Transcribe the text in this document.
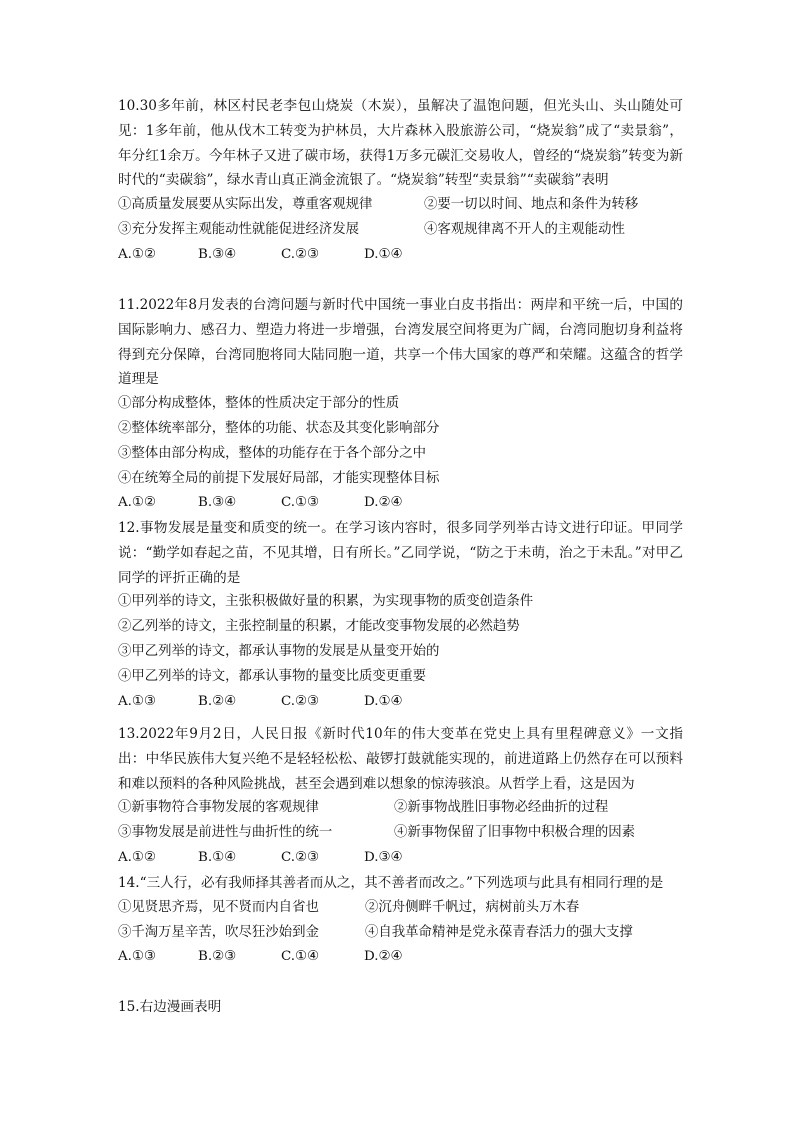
10.30多年前，林区村民老李包山烧炭（木炭），虽解决了温饱问题，但光头山、头山随处可见：1多年前，他从伐木工转变为护林员，大片森林入股旅游公司，“烧炭翁”成了“卖景翁”，年分红1余万。今年林子又进了碳市场，获得1万多元碳汇交易收人，曾经的“烧炭翁”转变为新时代的“卖碳翁”，绿水青山真正淌金流银了。“烧炭翁”转型“卖景翁”“卖碳翁”表明

①高质量发展要从实际出发，尊重客观规律	②要一切以时间、地点和条件为转移
③充分发挥主观能动性就能促进经济发展	④客观规律离不开人的主观能动性
A.①②	B.③④	C.②③	D.①④

11.2022年8月发表的台湾问题与新时代中国统一事业白皮书指出：两岸和平统一后，中国的国际影响力、感召力、塑造力将进一步增强，台湾发展空间将更为广阔，台湾同胞切身利益将得到充分保障，台湾同胞将同大陆同胞一道，共享一个伟大国家的尊严和荣耀。这蕴含的哲学道理是

①部分构成整体，整体的性质决定于部分的性质
②整体统率部分，整体的功能、状态及其变化影响部分
③整体由部分构成，整体的功能存在于各个部分之中
④在统筹全局的前提下发展好局部，才能实现整体目标
A.①②	B.③④	C.①③	D.②④

12.事物发展是量变和质变的统一。在学习该内容时，很多同学列举古诗文进行印证。甲同学说：“勤学如春起之苗，不见其增，日有所长。”乙同学说，“防之于未萌，治之于未乱。”对甲乙同学的评折正确的是

①甲列举的诗文，主张积极做好量的积累，为实现事物的质变创造条件
②乙列举的诗文，主张控制量的积累，才能改变事物发展的必然趋势
③甲乙列举的诗文，都承认事物的发展是从量变开始的
④甲乙列举的诗文，都承认事物的量变比质变更重要
A.①③	B.②④	C.②③	D.①④

13.2022年9月2日，人民日报《新时代10年的伟大变革在党史上具有里程碑意义》一文指出：中华民族伟大复兴绝不是轻轻松松、敲锣打鼓就能实现的，前进道路上仍然存在可以预料和难以预料的各种风险挑战，甚至会遇到难以想象的惊涛骇浪。从哲学上看，这是因为

①新事物符合事物发展的客观规律	②新事物战胜旧事物必经曲折的过程
③事物发展是前进性与曲折性的统一	④新事物保留了旧事物中积极合理的因素
A.①②	B.①④	C.②③	D.③④

14.“三人行，必有我师择其善者而从之，其不善者而改之。”下列选项与此具有相同行理的是

①见贤思齐焉，见不贤而内自省也	②沉舟侧畔千帆过，病树前头万木春
③千淘万星辛苦，吹尽狂沙始到金	④自我革命精神是党永葆青春活力的强大支撑
A.①③	B.②③	C.①④	D.②④

15.右边漫画表明
